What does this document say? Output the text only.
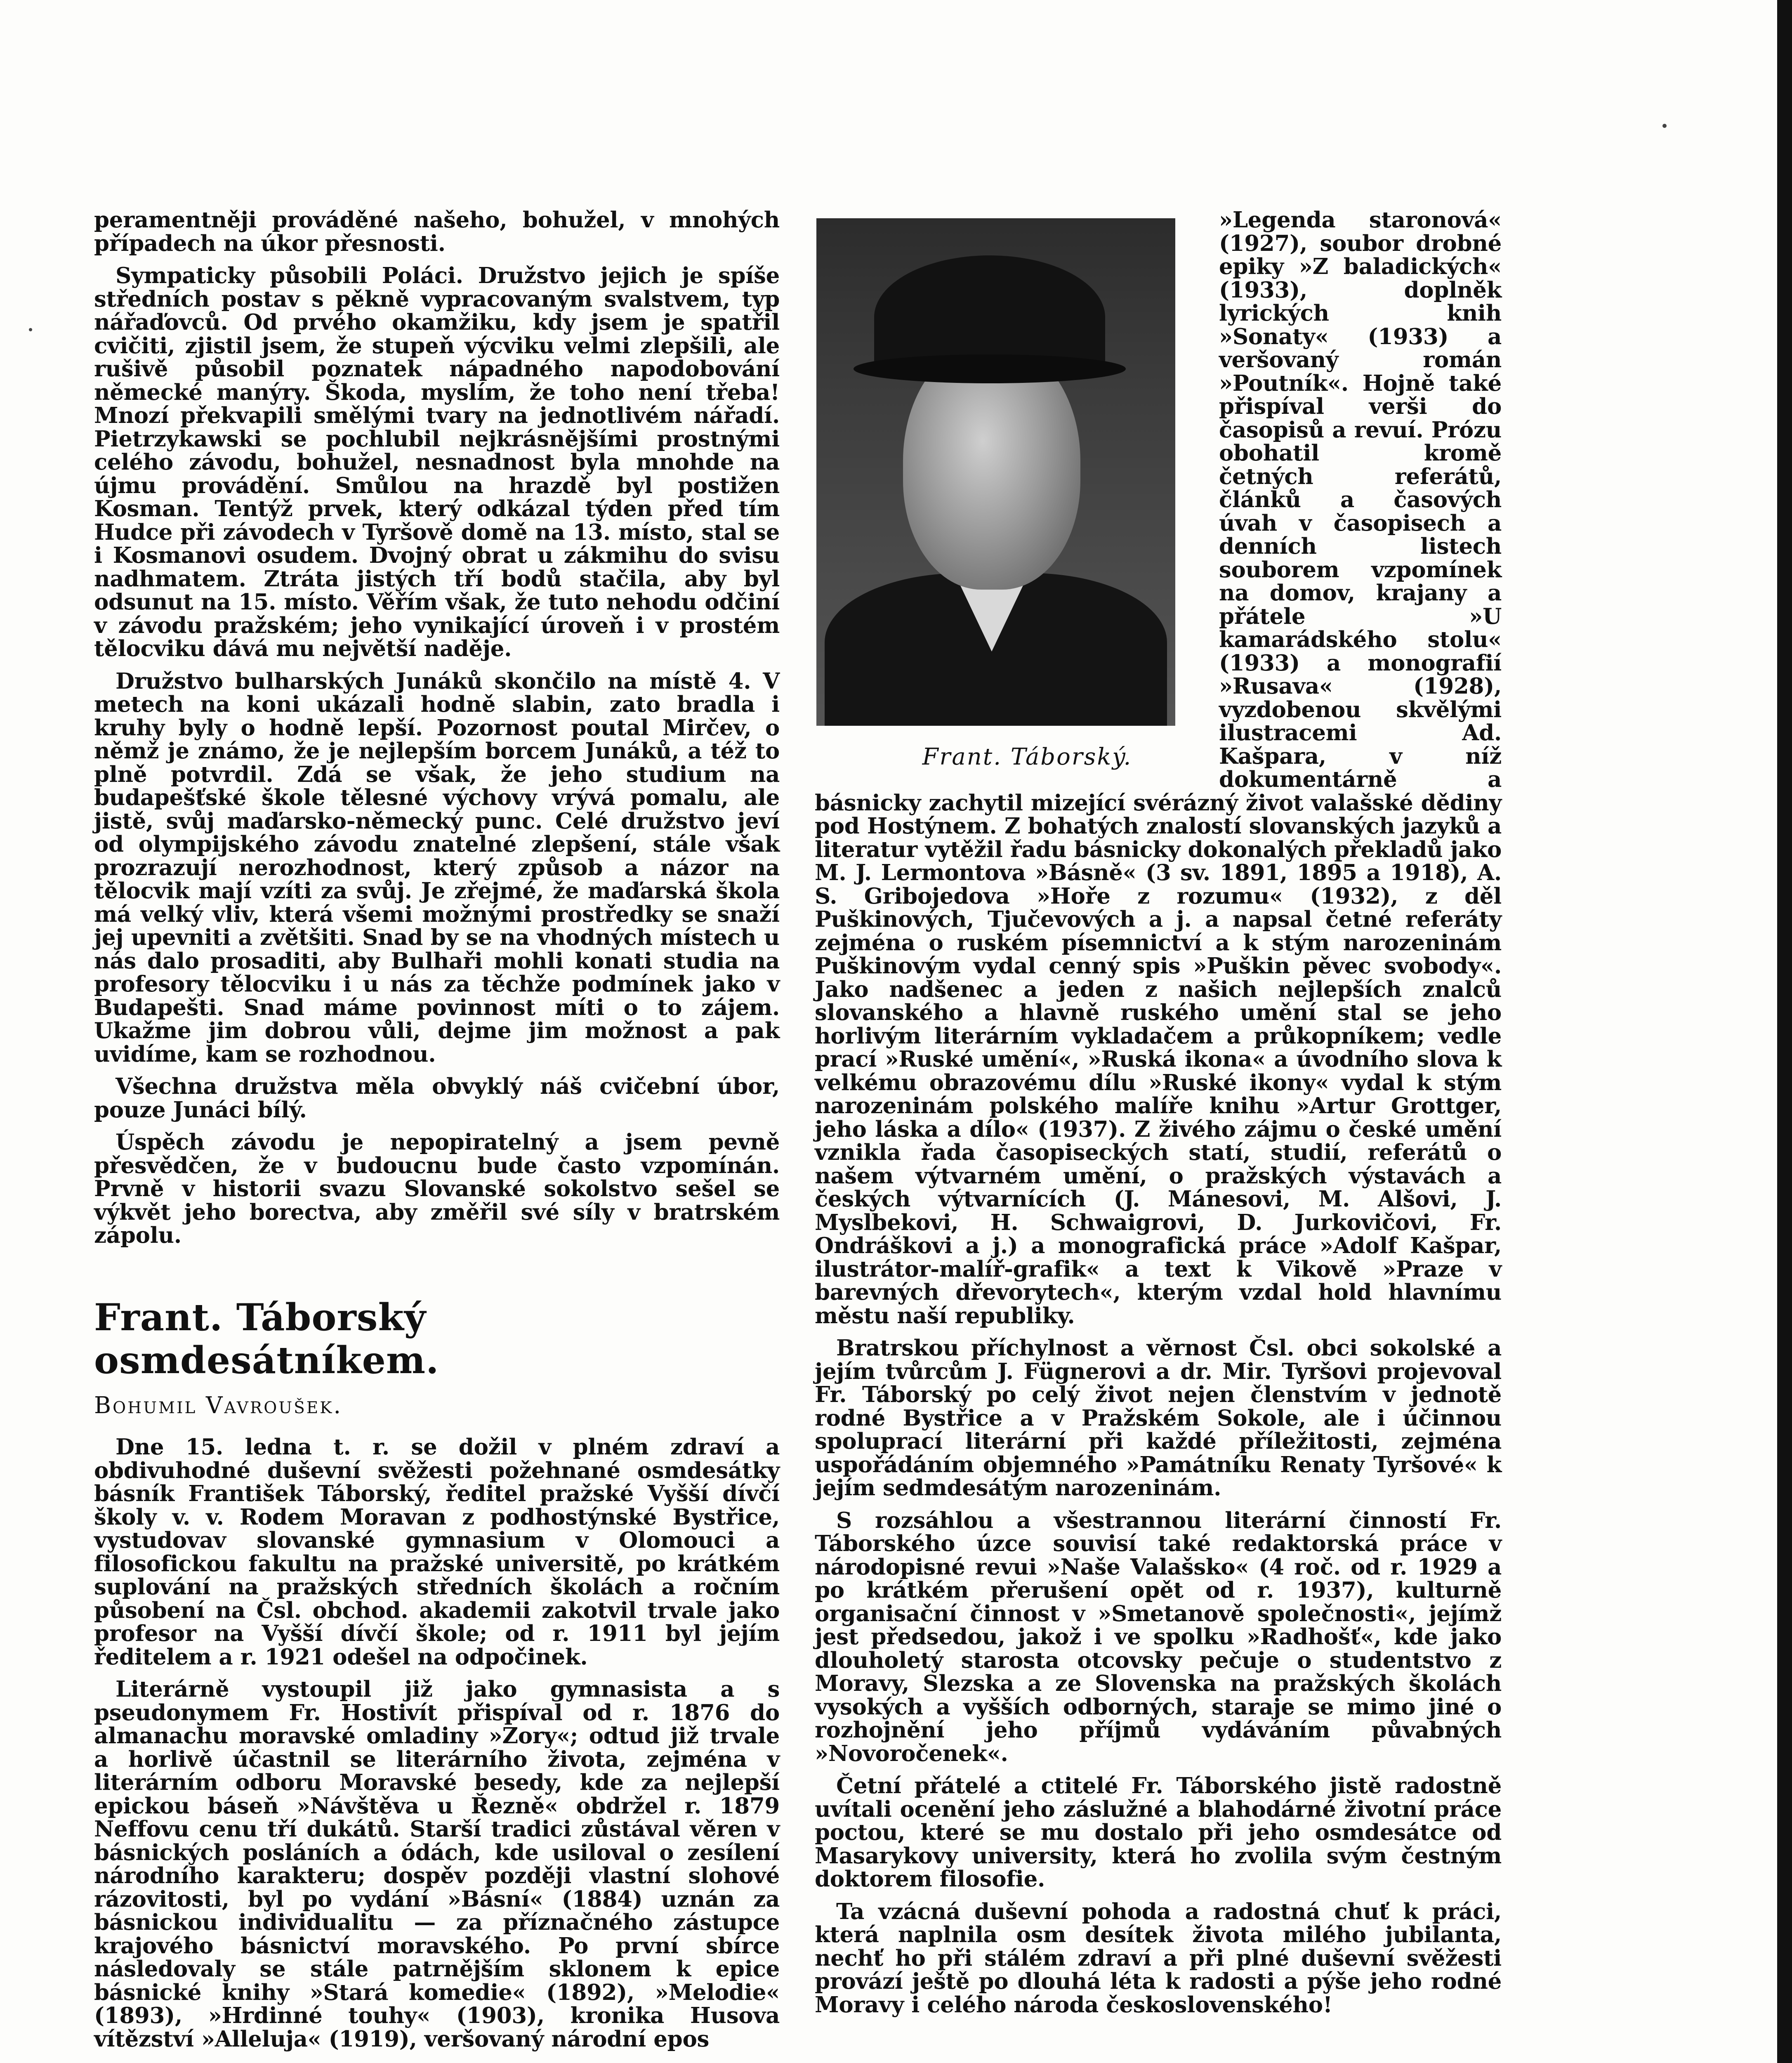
peramentněji prováděné našeho, bohužel, v mnohých případech na úkor přesnosti.

Sympaticky působili Poláci. Družstvo jejich je spíše středních postav s pěkně vypracovaným svalstvem, typ nářaďovců. Od prvého okamžiku, kdy jsem je spatřil cvičiti, zjistil jsem, že stupeň výcviku velmi zlepšili, ale rušivě působil poznatek nápadného napodobování německé manýry. Škoda, myslím, že toho není třeba! Mnozí překvapili smělými tvary na jednotlivém nářadí. Pietrzykawski se pochlubil nejkrásnějšími prostnými celého závodu, bohužel, nesnadnost byla mnohde na újmu provádění. Smůlou na hrazdě byl postižen Kosman. Tentýž prvek, který odkázal týden před tím Hudce při závodech v Tyršově domě na 13. místo, stal se i Kosmanovi osudem. Dvojný obrat u zákmihu do svisu nadhmatem. Ztráta jistých tří bodů stačila, aby byl odsunut na 15. místo. Věřím však, že tuto nehodu odčiní v závodu pražském; jeho vynikající úroveň i v prostém tělocviku dává mu největší naděje.

Družstvo bulharských Junáků skončilo na místě 4. V metech na koni ukázali hodně slabin, zato bradla i kruhy byly o hodně lepší. Pozornost poutal Mirčev, o němž je známo, že je nejlepším borcem Junáků, a též to plně potvrdil. Zdá se však, že jeho studium na budapešťské škole tělesné výchovy vrývá pomalu, ale jistě, svůj maďarsko-německý punc. Celé družstvo jeví od olympijského závodu znatelné zlepšení, stále však prozrazují nerozhodnost, který způsob a názor na tělocvik mají vzíti za svůj. Je zřejmé, že maďarská škola má velký vliv, která všemi možnými prostředky se snaží jej upevniti a zvětšiti. Snad by se na vhodných místech u nás dalo prosaditi, aby Bulhaři mohli konati studia na profesory tělocviku i u nás za těchže podmínek jako v Budapešti. Snad máme povinnost míti o to zájem. Ukažme jim dobrou vůli, dejme jim možnost a pak uvidíme, kam se rozhodnou.

Všechna družstva měla obvyklý náš cvičební úbor, pouze Junáci bílý.

Úspěch závodu je nepopiratelný a jsem pevně přesvědčen, že v budoucnu bude často vzpomínán. Prvně v historii svazu Slovanské sokolstvo sešel se výkvět jeho borectva, aby změřil své síly v bratrském zápolu.

Frant. Táborský osmdesátníkem.

Bohumil Vavroušek.

Dne 15. ledna t. r. se dožil v plném zdraví a obdivuhodné duševní svěžesti požehnané osmdesátky básník František Táborský, ředitel pražské Vyšší dívčí školy v. v. Rodem Moravan z podhostýnské Bystřice, vystudovav slovanské gymnasium v Olomouci a filosofickou fakultu na pražské universitě, po krátkém suplování na pražských středních školách a ročním působení na Čsl. obchod. akademii zakotvil trvale jako profesor na Vyšší dívčí škole; od r. 1911 byl jejím ředitelem a r. 1921 odešel na odpočinek.

Literárně vystoupil již jako gymnasista a s pseudonymem Fr. Hostivít přispíval od r. 1876 do almanachu moravské omladiny »Zory«; odtud již trvale a horlivě účastnil se literárního života, zejména v literárním odboru Moravské besedy, kde za nejlepší epickou báseň »Návštěva u Řezně« obdržel r. 1879 Neffovu cenu tří dukátů. Starší tradici zůstával věren v básnických posláních a ódách, kde usiloval o zesílení národního karakteru; dospěv později vlastní slohové rázovitosti, byl po vydání »Básní« (1884) uznán za básnickou individualitu — za příznačného zástupce krajového básnictví moravského. Po první sbírce následovaly se stále patrnějším sklonem k epice básnické knihy »Stará komedie« (1892), »Melodie« (1893), »Hrdinné touhy« (1903), kronika Husova vítězství »Alleluja« (1919), veršovaný národní epos

Frant. Táborský.

»Legenda staronová« (1927), soubor drobné epiky »Z baladických« (1933), doplněk lyrických knih »Sonaty« (1933) a veršovaný román »Poutník«. Hojně také přispíval verši do časopisů a revuí. Prózu obohatil kromě četných referátů, článků a časových úvah v časopisech a denních listech souborem vzpomínek na domov, krajany a přátele »U kamarádského stolu« (1933) a monografií »Rusava« (1928), vyzdobenou skvělými ilustracemi Ad. Kašpara, v níž dokumentárně a básnicky zachytil mizející svérázný život valašské dědiny pod Hostýnem. Z bohatých znalostí slovanských jazyků a literatur vytěžil řadu básnicky dokonalých překladů jako M. J. Lermontova »Básně« (3 sv. 1891, 1895 a 1918), A. S. Gribojedova »Hoře z rozumu« (1932), z děl Puškinových, Tjučevových a j. a napsal četné referáty zejména o ruském písemnictví a k stým narozeninám Puškinovým vydal cenný spis »Puškin pěvec svobody«. Jako nadšenec a jeden z našich nejlepších znalců slovanského a hlavně ruského umění stal se jeho horlivým literárním vykladačem a průkopníkem; vedle prací »Ruské umění«, »Ruská ikona« a úvodního slova k velkému obrazovému dílu »Ruské ikony« vydal k stým narozeninám polského malíře knihu »Artur Grottger, jeho láska a dílo« (1937). Z živého zájmu o české umění vznikla řada časopiseckých statí, studií, referátů o našem výtvarném umění, o pražských výstavách a českých výtvarnících (J. Mánesovi, M. Alšovi, J. Myslbekovi, H. Schwaigrovi, D. Jurkovičovi, Fr. Ondráškovi a j.) a monografická práce »Adolf Kašpar, ilustrátor-malíř-grafik« a text k Vikově »Praze v barevných dřevorytech«, kterým vzdal hold hlavnímu městu naší republiky.

Bratrskou příchylnost a věrnost Čsl. obci sokolské a jejím tvůrcům J. Fügnerovi a dr. Mir. Tyršovi projevoval Fr. Táborský po celý život nejen členstvím v jednotě rodné Bystřice a v Pražském Sokole, ale i účinnou spoluprací literární při každé příležitosti, zejména uspořádáním objemného »Památníku Renaty Tyršové« k jejím sedmdesátým narozeninám.

S rozsáhlou a všestrannou literární činností Fr. Táborského úzce souvisí také redaktorská práce v národopisné revui »Naše Valašsko« (4 roč. od r. 1929 a po krátkém přerušení opět od r. 1937), kulturně organisační činnost v »Smetanově společnosti«, jejímž jest předsedou, jakož i ve spolku »Radhošť«, kde jako dlouholetý starosta otcovsky pečuje o studentstvo z Moravy, Slezska a ze Slovenska na pražských školách vysokých a vyšších odborných, staraje se mimo jiné o rozhojnění jeho příjmů vydáváním půvabných »Novoročenek«.

Četní přátelé a ctitelé Fr. Táborského jistě radostně uvítali ocenění jeho záslužné a blahodárné životní práce poctou, které se mu dostalo při jeho osmdesátce od Masarykovy university, která ho zvolila svým čestným doktorem filosofie.

Ta vzácná duševní pohoda a radostná chuť k práci, která naplnila osm desítek života milého jubilanta, nechť ho při stálém zdraví a při plné duševní svěžesti provází ještě po dlouhá léta k radosti a pýše jeho rodné Moravy i celého národa československého!
